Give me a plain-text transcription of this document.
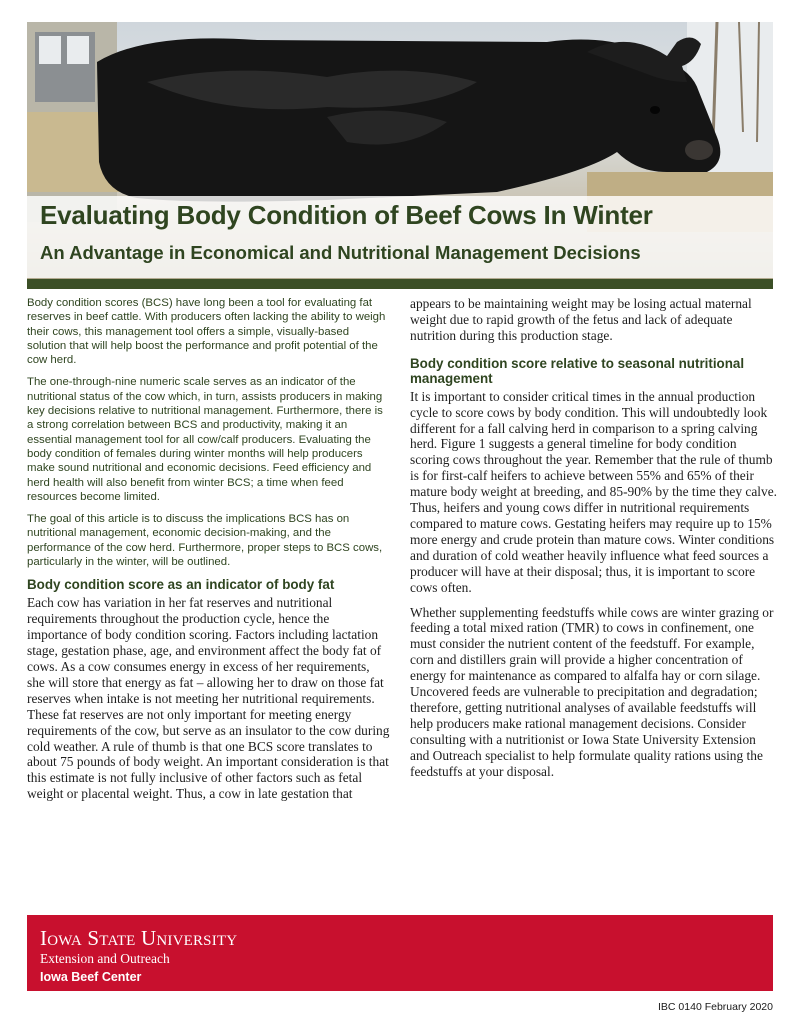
Evaluating Body Condition of Beef Cows In Winter
An Advantage in Economical and Nutritional Management Decisions

Body condition scores (BCS) have long been a tool for evaluating fat reserves in beef cattle. With producers often lacking the ability to weigh their cows, this management tool offers a simple, visually-based solution that will help boost the performance and profit potential of the cow herd.

The one-through-nine numeric scale serves as an indicator of the nutritional status of the cow which, in turn, assists producers in making key decisions relative to nutritional management. Furthermore, there is a strong correlation between BCS and productivity, making it an essential management tool for all cow/calf producers. Evaluating the body condition of females during winter months will help producers make sound nutritional and economic decisions. Feed efficiency and herd health will also benefit from winter BCS; a time when feed resources become limited.

The goal of this article is to discuss the implications BCS has on nutritional management, economic decision-making, and the performance of the cow herd. Furthermore, proper steps to BCS cows, particularly in the winter, will be outlined.

Body condition score as an indicator of body fat

Each cow has variation in her fat reserves and nutritional requirements throughout the production cycle, hence the importance of body condition scoring. Factors including lactation stage, gestation phase, age, and environment affect the body fat of cows. As a cow consumes energy in excess of her requirements, she will store that energy as fat – allowing her to draw on those fat reserves when intake is not meeting her nutritional requirements. These fat reserves are not only important for meeting energy requirements of the cow, but serve as an insulator to the cow during cold weather. A rule of thumb is that one BCS score translates to about 75 pounds of body weight. An important consideration is that this estimate is not fully inclusive of other factors such as fetal weight or placental weight. Thus, a cow in late gestation that

appears to be maintaining weight may be losing actual maternal weight due to rapid growth of the fetus and lack of adequate nutrition during this production stage.

Body condition score relative to seasonal nutritional management

It is important to consider critical times in the annual production cycle to score cows by body condition. This will undoubtedly look different for a fall calving herd in comparison to a spring calving herd. Figure 1 suggests a general timeline for body condition scoring cows throughout the year. Remember that the rule of thumb is for first-calf heifers to achieve between 55% and 65% of their mature body weight at breeding, and 85-90% by the time they calve. Thus, heifers and young cows differ in nutritional requirements compared to mature cows. Gestating heifers may require up to 15% more energy and crude protein than mature cows. Winter conditions and duration of cold weather heavily influence what feed sources a producer will have at their disposal; thus, it is important to score cows often.

Whether supplementing feedstuffs while cows are winter grazing or feeding a total mixed ration (TMR) to cows in confinement, one must consider the nutrient content of the feedstuff. For example, corn and distillers grain will provide a higher concentration of energy for maintenance as compared to alfalfa hay or corn silage. Uncovered feeds are vulnerable to precipitation and degradation; therefore, getting nutritional analyses of available feedstuffs will help producers make rational management decisions. Consider consulting with a nutritionist or Iowa State University Extension and Outreach specialist to help formulate quality rations using the feedstuffs at your disposal.

Iowa State University
Extension and Outreach
Iowa Beef Center
IBC 0140 February 2020
